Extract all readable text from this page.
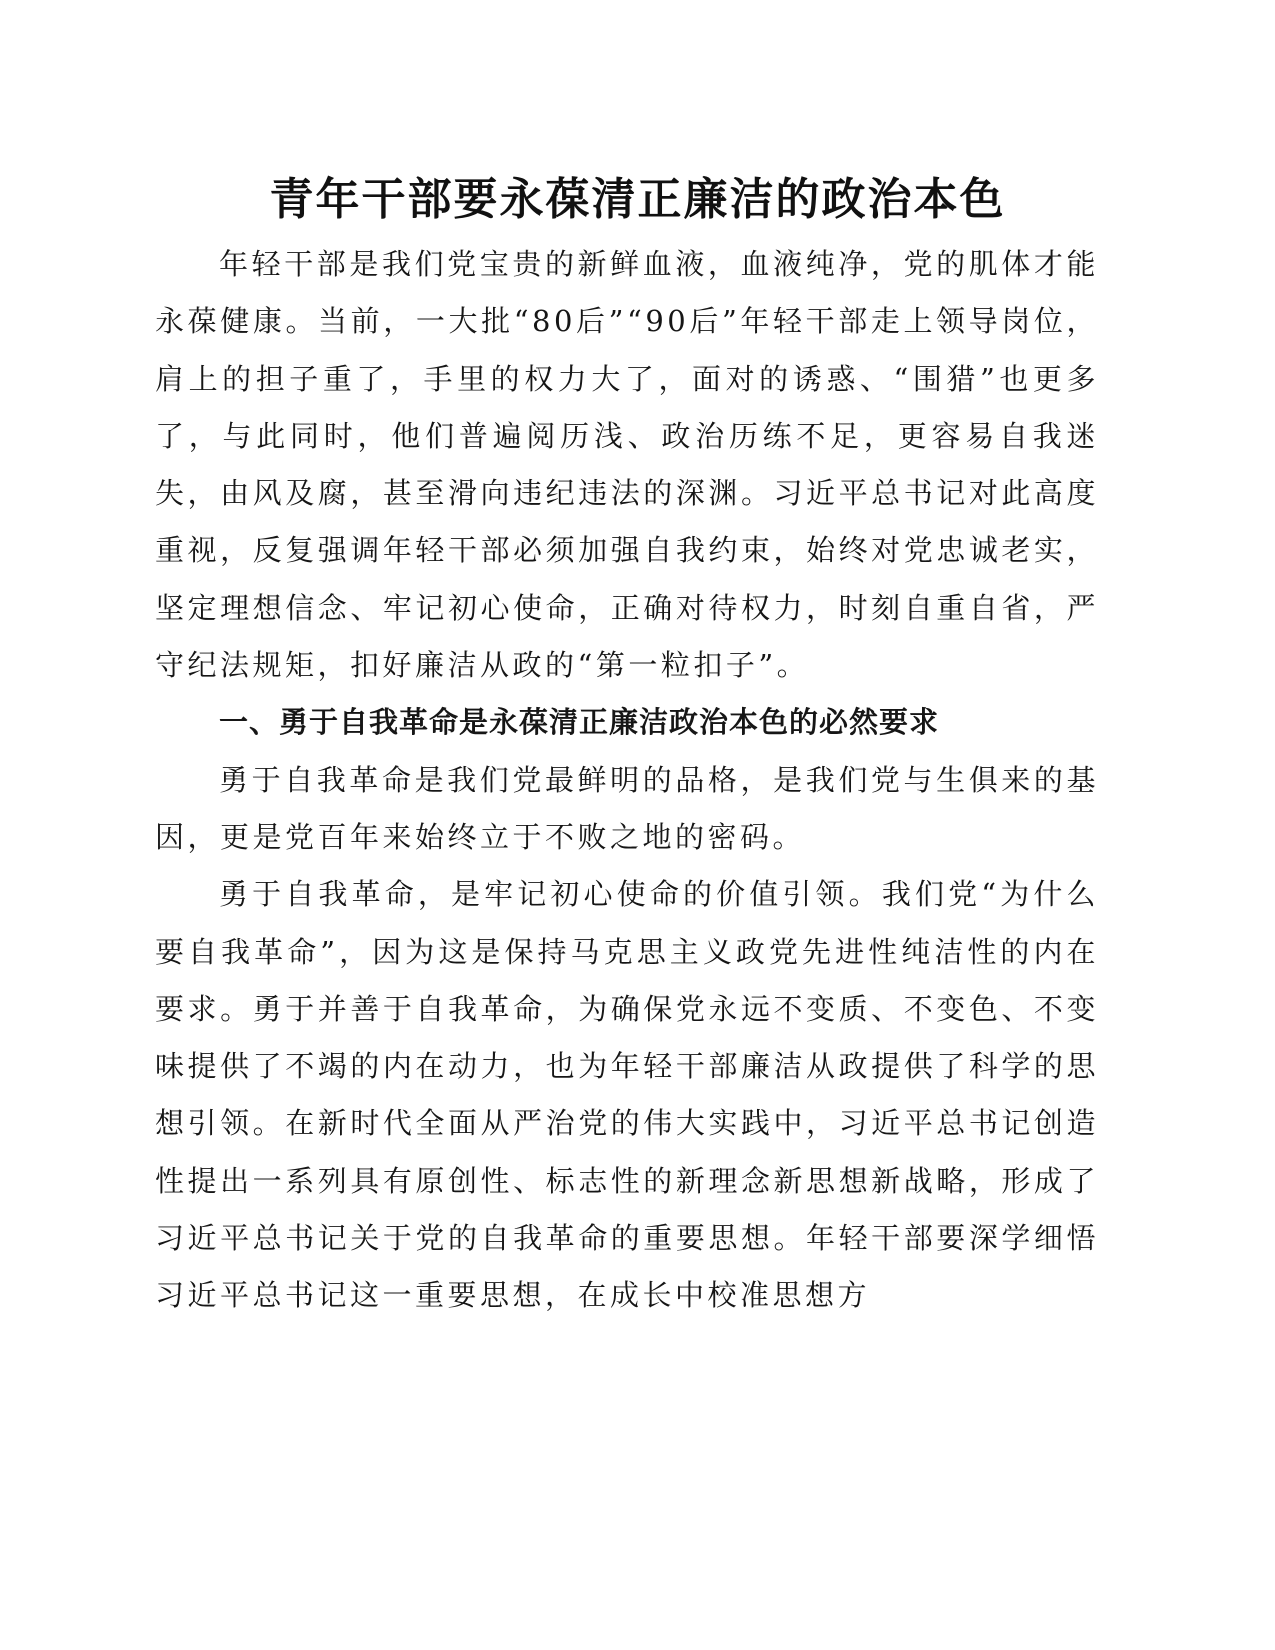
青年干部要永葆清正廉洁的政治本色

年轻干部是我们党宝贵的新鲜血液，血液纯净，党的肌体才能永葆健康。当前，一大批“80后”“90后”年轻干部走上领导岗位，肩上的担子重了，手里的权力大了，面对的诱惑、“围猎”也更多了，与此同时，他们普遍阅历浅、政治历练不足，更容易自我迷失，由风及腐，甚至滑向违纪违法的深渊。习近平总书记对此高度重视，反复强调年轻干部必须加强自我约束，始终对党忠诚老实，坚定理想信念、牢记初心使命，正确对待权力，时刻自重自省，严守纪法规矩，扣好廉洁从政的“第一粒扣子”。

一、勇于自我革命是永葆清正廉洁政治本色的必然要求

勇于自我革命是我们党最鲜明的品格，是我们党与生俱来的基因，更是党百年来始终立于不败之地的密码。

勇于自我革命，是牢记初心使命的价值引领。我们党“为什么要自我革命”，因为这是保持马克思主义政党先进性纯洁性的内在要求。勇于并善于自我革命，为确保党永远不变质、不变色、不变味提供了不竭的内在动力，也为年轻干部廉洁从政提供了科学的思想引领。在新时代全面从严治党的伟大实践中，习近平总书记创造性提出一系列具有原创性、标志性的新理念新思想新战略，形成了习近平总书记关于党的自我革命的重要思想。年轻干部要深学细悟习近平总书记这一重要思想，在成长中校准思想方
